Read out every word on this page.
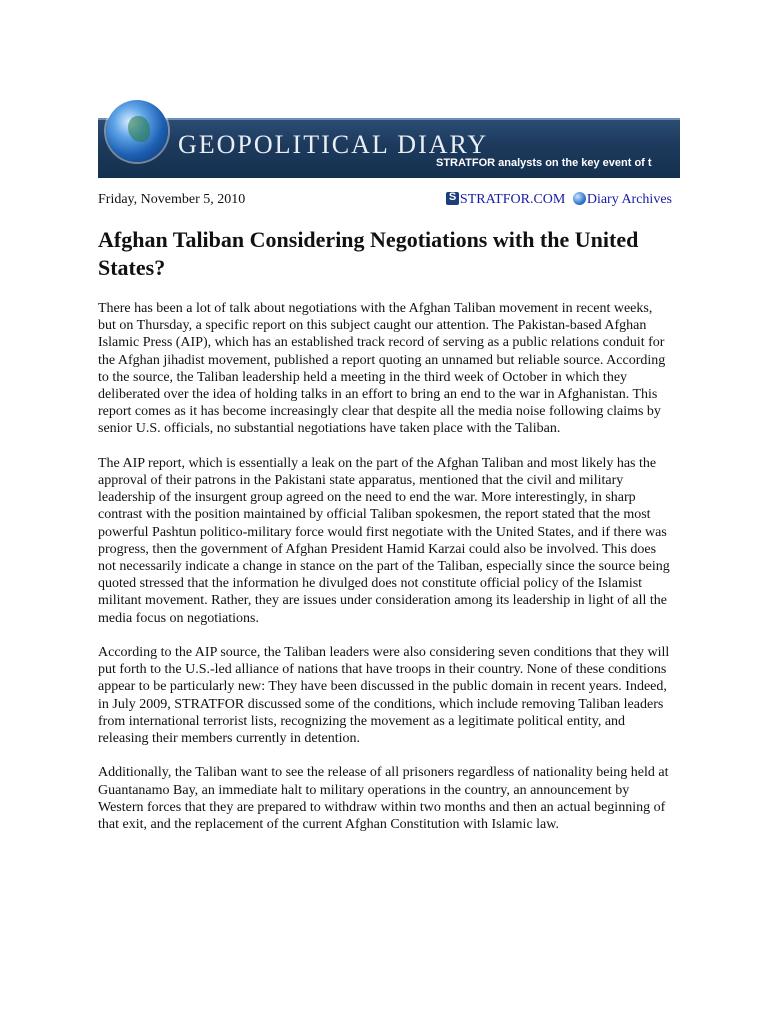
GEOPOLITICAL DIARY
STRATFOR analysts on the key event of t
Friday, November 5, 2010
S	STRATFOR.COM Diary Archives
Afghan Taliban Considering Negotiations with the United States?

There has been a lot of talk about negotiations with the Afghan Taliban movement in recent weeks, but on Thursday, a specific report on this subject caught our attention. The Pakistan-based Afghan Islamic Press (AIP), which has an established track record of serving as a public relations conduit for the Afghan jihadist movement, published a report quoting an unnamed but reliable source. According to the source, the Taliban leadership held a meeting in the third week of October in which they deliberated over the idea of holding talks in an effort to bring an end to the war in Afghanistan. This report comes as it has become increasingly clear that despite all the media noise following claims by senior U.S. officials, no substantial negotiations have taken place with the Taliban.

The AIP report, which is essentially a leak on the part of the Afghan Taliban and most likely has the approval of their patrons in the Pakistani state apparatus, mentioned that the civil and military leadership of the insurgent group agreed on the need to end the war. More interestingly, in sharp contrast with the position maintained by official Taliban spokesmen, the report stated that the most powerful Pashtun politico-military force would first negotiate with the United States, and if there was progress, then the government of Afghan President Hamid Karzai could also be involved. This does not necessarily indicate a change in stance on the part of the Taliban, especially since the source being quoted stressed that the information he divulged does not constitute official policy of the Islamist militant movement. Rather, they are issues under consideration among its leadership in light of all the media focus on negotiations.

According to the AIP source, the Taliban leaders were also considering seven conditions that they will put forth to the U.S.-led alliance of nations that have troops in their country. None of these conditions appear to be particularly new: They have been discussed in the public domain in recent years. Indeed, in July 2009, STRATFOR discussed some of the conditions, which include removing Taliban leaders from international terrorist lists, recognizing the movement as a legitimate political entity, and releasing their members currently in detention.

Additionally, the Taliban want to see the release of all prisoners regardless of nationality being held at Guantanamo Bay, an immediate halt to military operations in the country, an announcement by Western forces that they are prepared to withdraw within two months and then an actual beginning of that exit, and the replacement of the current Afghan Constitution with Islamic law.
